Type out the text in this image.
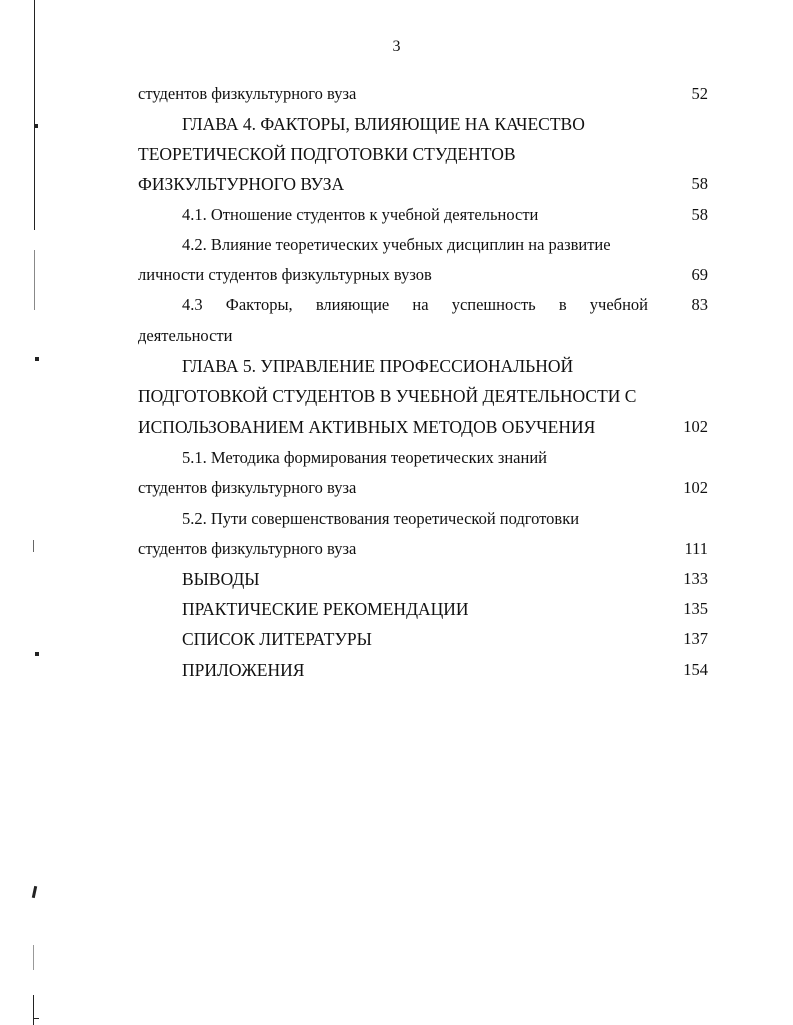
3
студентов физкультурного вуза	52
ГЛАВА 4. ФАКТОРЫ, ВЛИЯЮЩИЕ НА КАЧЕСТВО
ТЕОРЕТИЧЕСКОЙ ПОДГОТОВКИ СТУДЕНТОВ
ФИЗКУЛЬТУРНОГО ВУЗА	58
4.1. Отношение студентов к учебной деятельности	58
4.2. Влияние теоретических учебных дисциплин на развитие
личности студентов физкультурных вузов	69
4.3 Факторы, влияющие на успешность в учебной	83
деятельности
ГЛАВА 5. УПРАВЛЕНИЕ ПРОФЕССИОНАЛЬНОЙ
ПОДГОТОВКОЙ СТУДЕНТОВ В УЧЕБНОЙ ДЕЯТЕЛЬНОСТИ С
ИСПОЛЬЗОВАНИЕМ АКТИВНЫХ МЕТОДОВ ОБУЧЕНИЯ	102
5.1. Методика формирования теоретических знаний
студентов физкультурного вуза	102
5.2. Пути совершенствования теоретической подготовки
студентов физкультурного вуза	111
ВЫВОДЫ	133
ПРАКТИЧЕСКИЕ РЕКОМЕНДАЦИИ	135
СПИСОК ЛИТЕРАТУРЫ	137
ПРИЛОЖЕНИЯ	154
